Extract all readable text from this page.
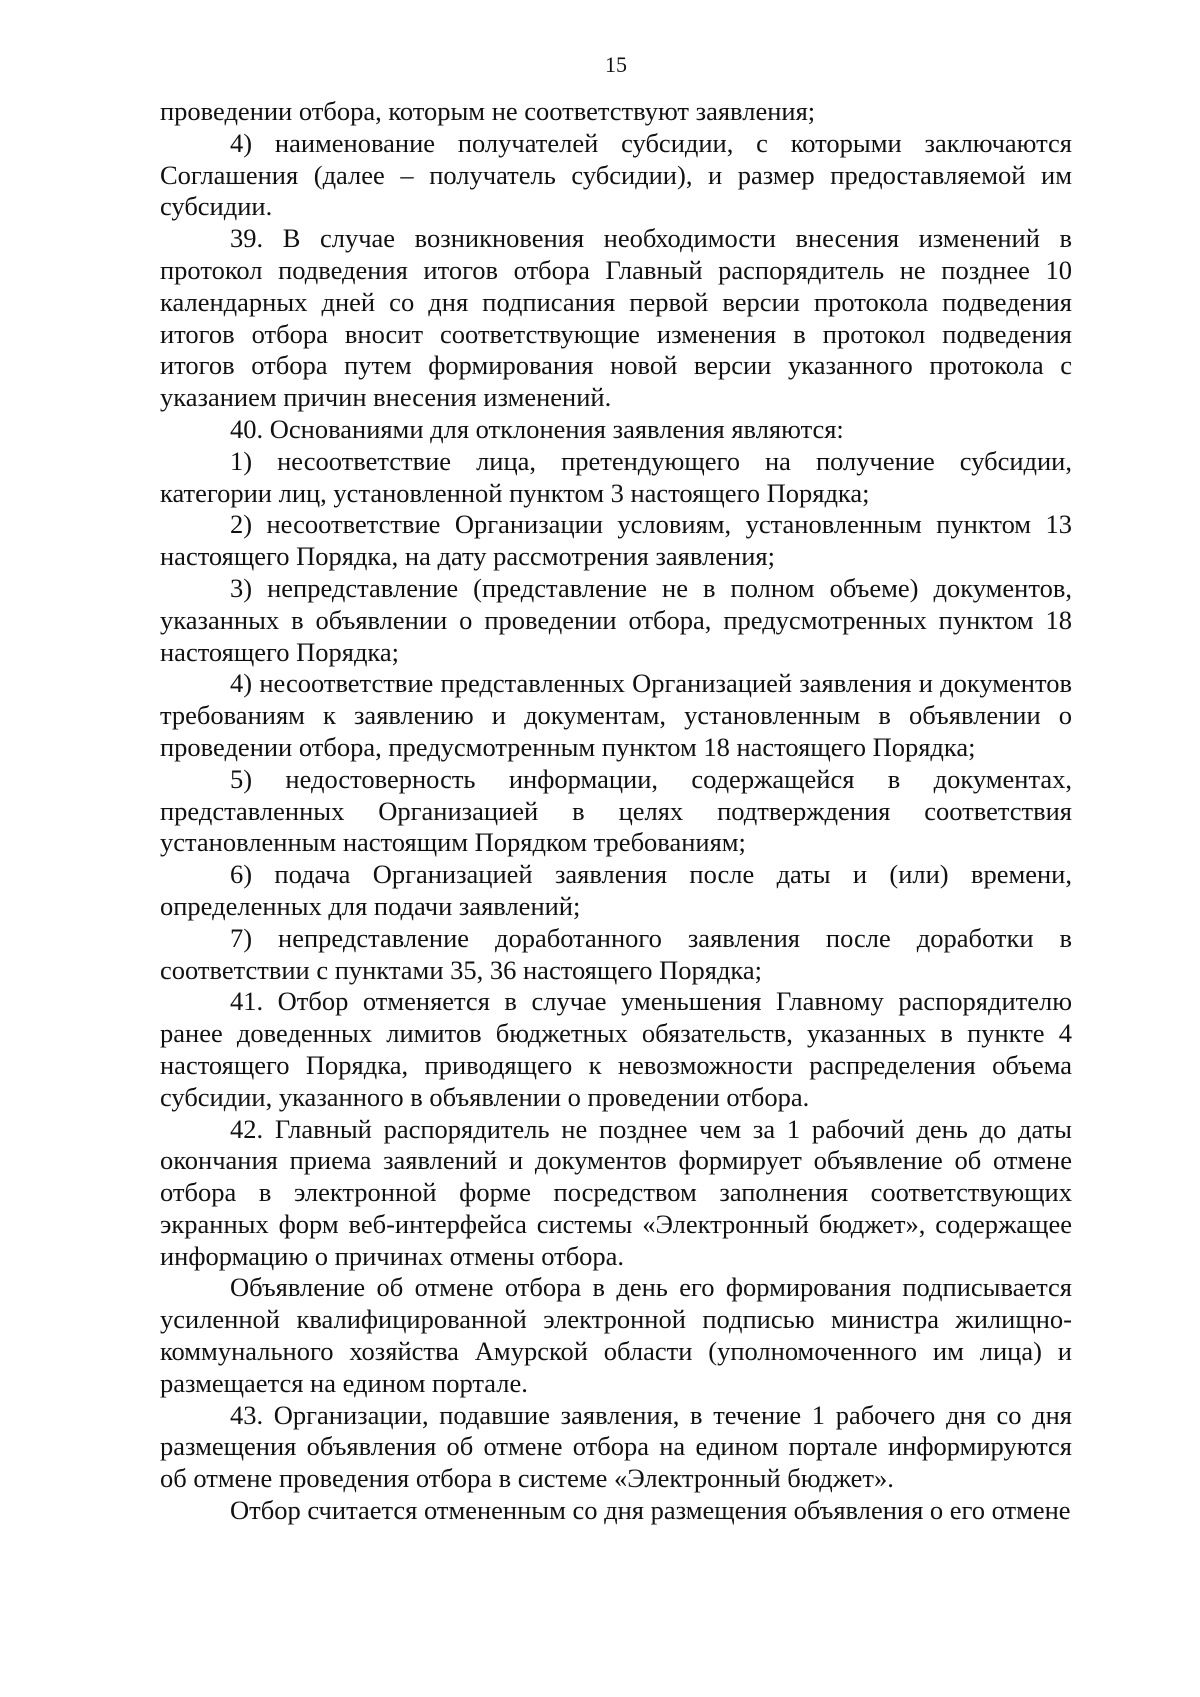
15

проведении отбора, которым не соответствуют заявления;

4) наименование получателей субсидии, с которыми заключаются Соглашения (далее – получатель субсидии), и размер предоставляемой им субсидии.

39. В случае возникновения необходимости внесения изменений в протокол подведения итогов отбора Главный распорядитель не позднее 10 календарных дней со дня подписания первой версии протокола подведения итогов отбора вносит соответствующие изменения в протокол подведения итогов отбора путем формирования новой версии указанного протокола с указанием причин внесения изменений.

40. Основаниями для отклонения заявления являются:

1) несоответствие лица, претендующего на получение субсидии, категории лиц, установленной пунктом 3 настоящего Порядка;

2) несоответствие Организации условиям, установленным пунктом 13 настоящего Порядка, на дату рассмотрения заявления;

3) непредставление (представление не в полном объеме) документов, указанных в объявлении о проведении отбора, предусмотренных пунктом 18 настоящего Порядка;

4) несоответствие представленных Организацией заявления и документов требованиям к заявлению и документам, установленным в объявлении о проведении отбора, предусмотренным пунктом 18 настоящего Порядка;

5) недостоверность информации, содержащейся в документах, представленных Организацией в целях подтверждения соответствия установленным настоящим Порядком требованиям;

6) подача Организацией заявления после даты и (или) времени, определенных для подачи заявлений;

7) непредставление доработанного заявления после доработки в соответствии с пунктами 35, 36 настоящего Порядка;

41. Отбор отменяется в случае уменьшения Главному распорядителю ранее доведенных лимитов бюджетных обязательств, указанных в пункте 4 настоящего Порядка, приводящего к невозможности распределения объема субсидии, указанного в объявлении о проведении отбора.

42. Главный распорядитель не позднее чем за 1 рабочий день до даты окончания приема заявлений и документов формирует объявление об отмене отбора в электронной форме посредством заполнения соответствующих экранных форм веб-интерфейса системы «Электронный бюджет», содержащее информацию о причинах отмены отбора.

Объявление об отмене отбора в день его формирования подписывается усиленной квалифицированной электронной подписью министра жилищно-коммунального хозяйства Амурской области (уполномоченного им лица) и размещается на едином портале.

43. Организации, подавшие заявления, в течение 1 рабочего дня со дня размещения объявления об отмене отбора на едином портале информируются об отмене проведения отбора в системе «Электронный бюджет».

Отбор считается отмененным со дня размещения объявления о его отмене
